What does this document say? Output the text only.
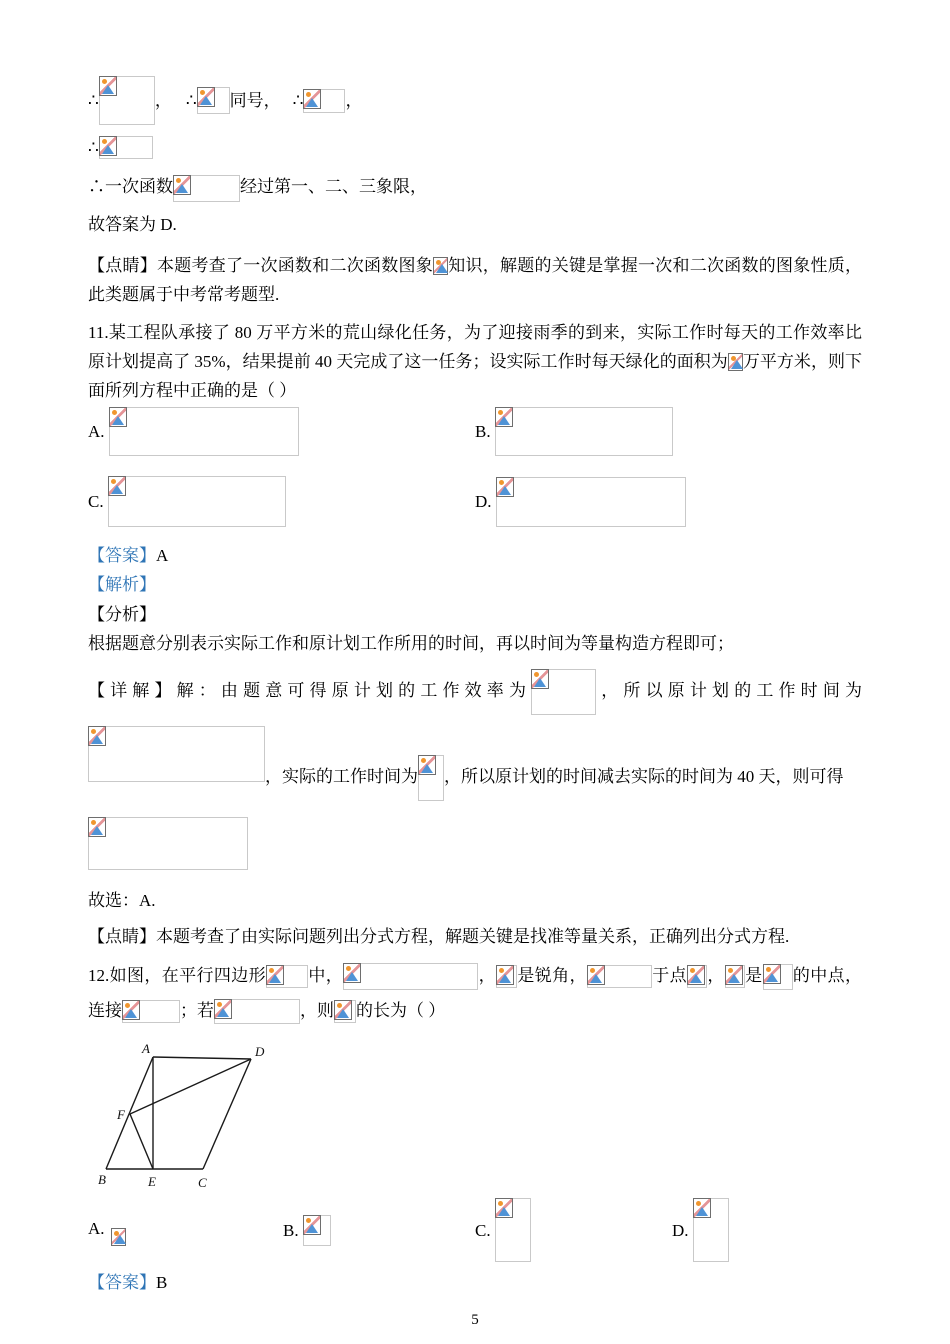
∴	， ∴ 同号， ∴ ，
∴
∴一次函数	经过第一、二、三象限，
故答案为 D.
【点睛】本题考查了一次函数和二次函数图象 知识，解题的关键是掌握一次和二次函数的图象性质，此类题属于中考常考题型.
11.某工程队承接了 80 万平方米的荒山绿化任务，为了迎接雨季的到来，实际工作时每天的工作效率比原计划提高了 35%，结果提前 40 天完成了这一任务；设实际工作时每天绿化的面积为 万平方米，则下面所列方程中正确的是（ ）
A.	B.
C.	D.
【答案】A
【解析】
【分析】
根据题意分别表示实际工作和原计划工作所用的时间，再以时间为等量构造方程即可；
【详解】解：由题意可得原计划的工作效率为	，所以原计划的工作时间为
，实际的工作时间为 ，所以原计划的时间减去实际的时间为 40 天，则可得
故选：A.
【点睛】本题考查了由实际问题列出分式方程，解题关键是找准等量关系，正确列出分式方程.
12.如图，在平行四边形 中，	， 是锐角，	于点 ， 是 的中点，连接	；若	，则 的长为（ ）
A	D
F
B	E	C
A.	B.	C.	D.
【答案】B
5
